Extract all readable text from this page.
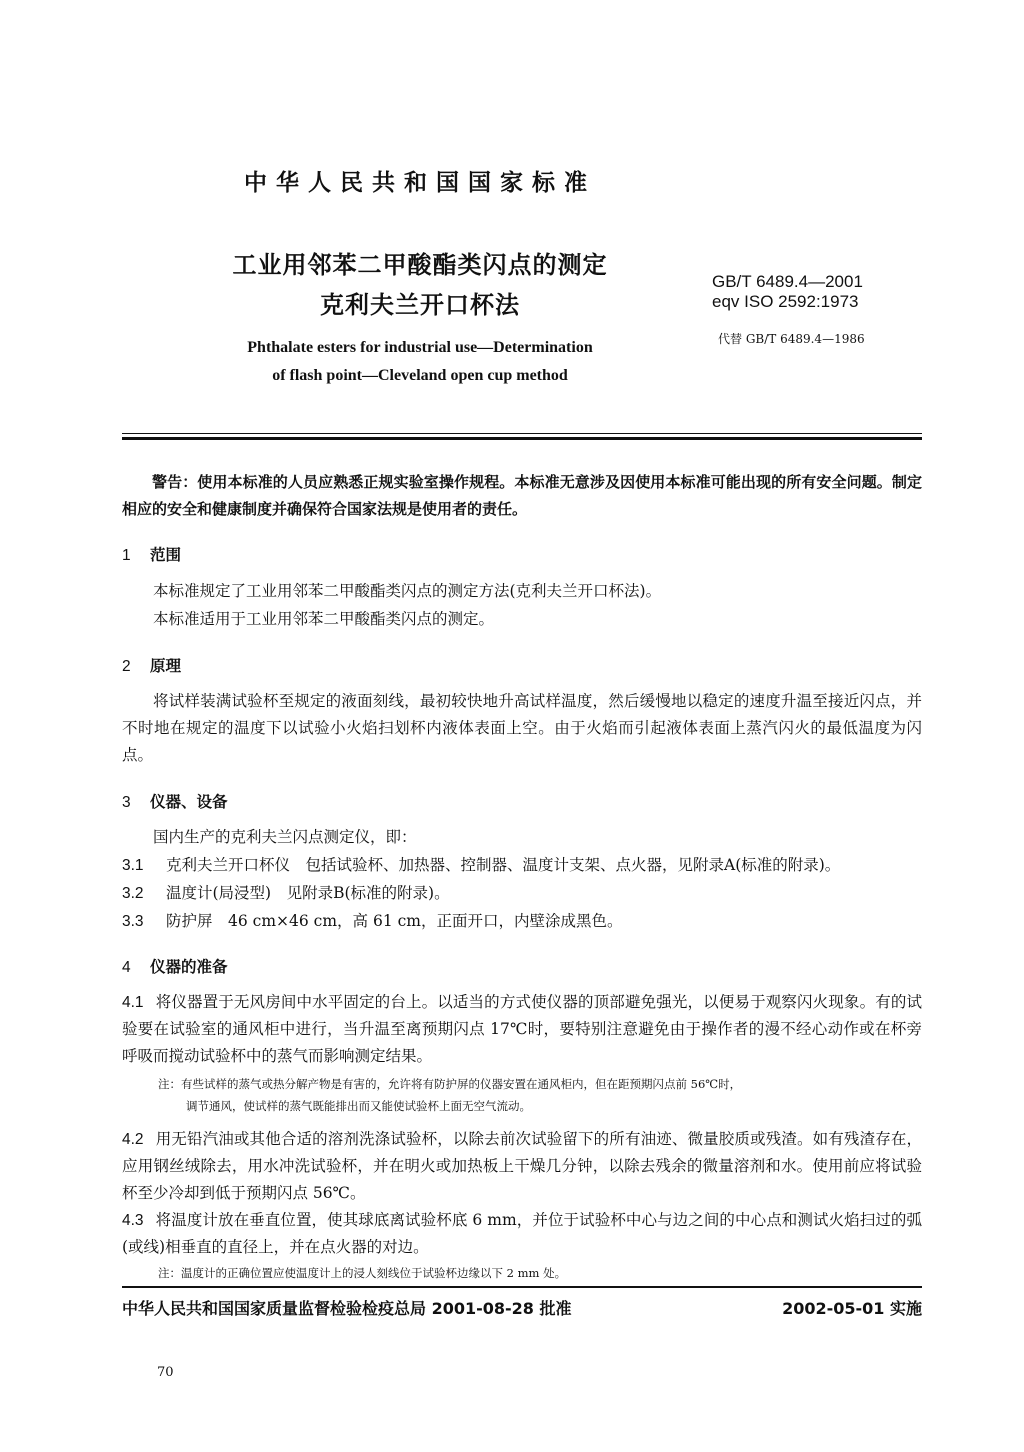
中华人民共和国国家标准
工业用邻苯二甲酸酯类闪点的测定
克利夫兰开口杯法
GB/T 6489.4—2001
eqv ISO 2592:1973
代替 GB/T 6489.4—1986
Phthalate esters for industrial use—Determination
of flash point—Cleveland open cup method
警告：使用本标准的人员应熟悉正规实验室操作规程。本标准无意涉及因使用本标准可能出现的所有安全问题。制定相应的安全和健康制度并确保符合国家法规是使用者的责任。
1 范围
本标准规定了工业用邻苯二甲酸酯类闪点的测定方法(克利夫兰开口杯法)。
本标准适用于工业用邻苯二甲酸酯类闪点的测定。
2 原理
将试样装满试验杯至规定的液面刻线，最初较快地升高试样温度，然后缓慢地以稳定的速度升温至接近闪点，并不时地在规定的温度下以试验小火焰扫划杯内液体表面上空。由于火焰而引起液体表面上蒸汽闪火的最低温度为闪点。
3 仪器、设备
国内生产的克利夫兰闪点测定仪，即：
3.1 克利夫兰开口杯仪　包括试验杯、加热器、控制器、温度计支架、点火器，见附录A(标准的附录)。
3.2 温度计(局浸型)　见附录B(标准的附录)。
3.3 防护屏　46 cm×46 cm，高 61 cm，正面开口，内壁涂成黑色。
4 仪器的准备
4.1 将仪器置于无风房间中水平固定的台上。以适当的方式使仪器的顶部避免强光，以便易于观察闪火现象。有的试验要在试验室的通风柜中进行，当升温至离预期闪点 17℃时，要特别注意避免由于操作者的漫不经心动作或在杯旁呼吸而搅动试验杯中的蒸气而影响测定结果。
注：有些试样的蒸气或热分解产物是有害的，允许将有防护屏的仪器安置在通风柜内，但在距预期闪点前 56℃时，
调节通风，使试样的蒸气既能排出而又能使试验杯上面无空气流动。
4.2 用无铅汽油或其他合适的溶剂洗涤试验杯，以除去前次试验留下的所有油迹、微量胶质或残渣。如有残渣存在，应用钢丝绒除去，用水冲洗试验杯，并在明火或加热板上干燥几分钟，以除去残余的微量溶剂和水。使用前应将试验杯至少冷却到低于预期闪点 56℃。
4.3 将温度计放在垂直位置，使其球底离试验杯底 6 mm，并位于试验杯中心与边之间的中心点和测试火焰扫过的弧(或线)相垂直的直径上，并在点火器的对边。
注：温度计的正确位置应使温度计上的浸人刻线位于试验杯边缘以下 2 mm 处。
中华人民共和国国家质量监督检验检疫总局 2001-08-28 批准	2002-05-01 实施
70
